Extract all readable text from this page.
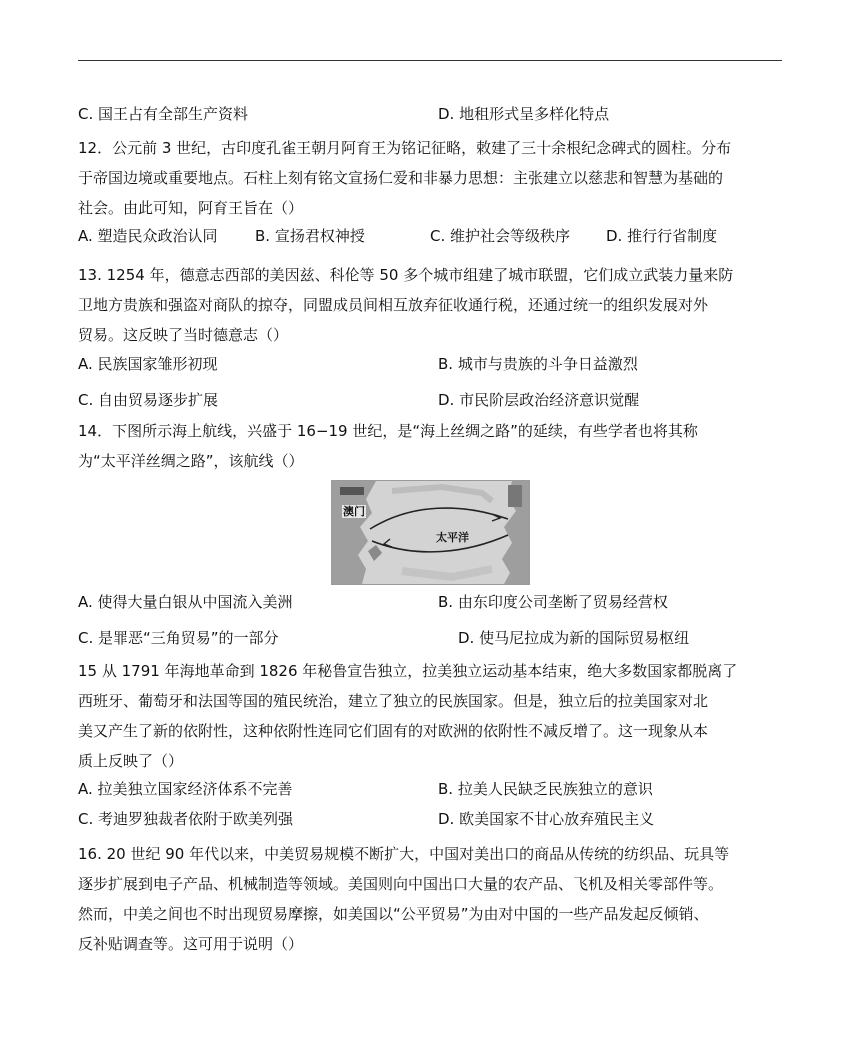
C. 国王占有全部生产资料	D. 地租形式呈多样化特点
12．公元前 3 世纪，古印度孔雀王朝月阿育王为铭记征略，敕建了三十余根纪念碑式的圆柱。分布
于帝国边境或重要地点。石柱上刻有铭文宣扬仁爱和非暴力思想：主张建立以慈悲和智慧为基础的
社会。由此可知，阿育王旨在（）
A. 塑造民众政治认同 B. 宣扬君权神授	C. 维护社会等级秩序 D. 推行行省制度
13. 1254 年，德意志西部的美因兹、科伦等 50 多个城市组建了城市联盟，它们成立武装力量来防
卫地方贵族和强盗对商队的掠夺，同盟成员间相互放弃征收通行税，还通过统一的组织发展对外
贸易。这反映了当时德意志（）
A. 民族国家雏形初现	B. 城市与贵族的斗争日益激烈
C. 自由贸易逐步扩展	D. 市民阶层政治经济意识觉醒
14．下图所示海上航线，兴盛于 16−19 世纪，是“海上丝绸之路”的延续，有些学者也将其称
为“太平洋丝绸之路”，该航线（）
澳门
太平洋
A. 使得大量白银从中国流入美洲	B. 由东印度公司垄断了贸易经营权
C. 是罪恶“三角贸易”的一部分	D. 使马尼拉成为新的国际贸易枢纽
15 从 1791 年海地革命到 1826 年秘鲁宣告独立，拉美独立运动基本结束，绝大多数国家都脱离了
西班牙、葡萄牙和法国等国的殖民统治，建立了独立的民族国家。但是，独立后的拉美国家对北
美又产生了新的依附性，这种依附性连同它们固有的对欧洲的依附性不减反增了。这一现象从本
质上反映了（）
A. 拉美独立国家经济体系不完善	B. 拉美人民缺乏民族独立的意识
C. 考迪罗独裁者依附于欧美列强	D. 欧美国家不甘心放弃殖民主义
16. 20 世纪 90 年代以来，中美贸易规模不断扩大，中国对美出口的商品从传统的纺织品、玩具等
逐步扩展到电子产品、机械制造等领域。美国则向中国出口大量的农产品、飞机及相关零部件等。
然而，中美之间也不时出现贸易摩擦，如美国以“公平贸易”为由对中国的一些产品发起反倾销、
反补贴调查等。这可用于说明（）
